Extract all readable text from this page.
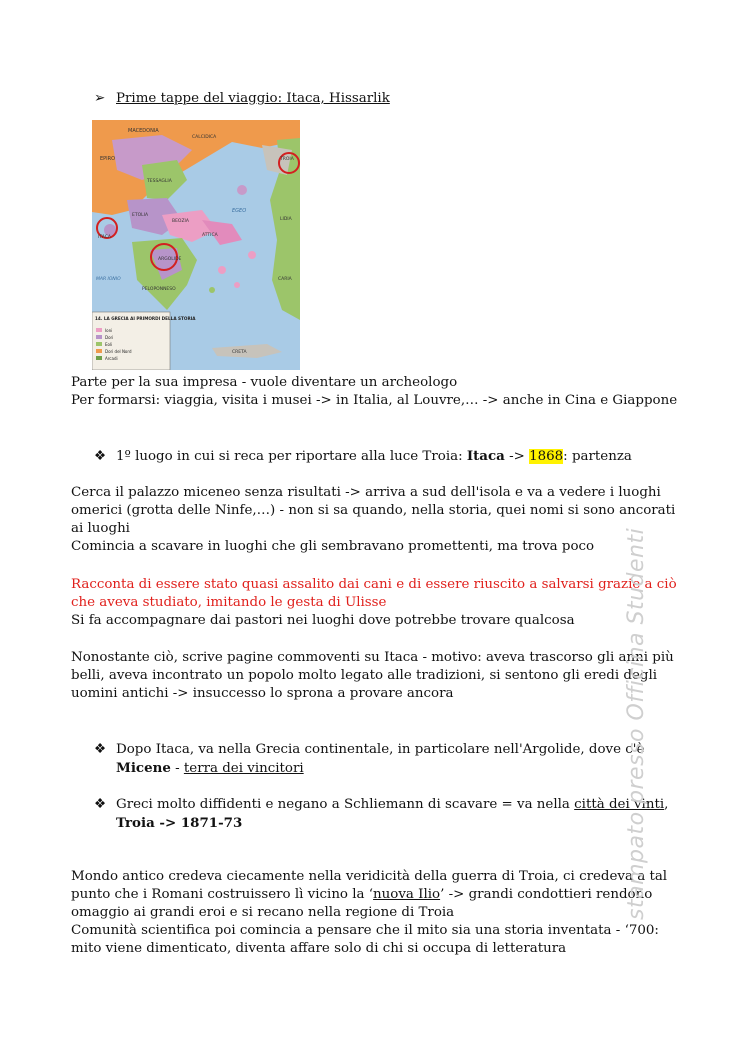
➢ Prime tappe del viaggio: Itaca, Hissarlik
EPIRO
MACEDONIA
CALCIDICA
TESSAGLIA
ETOLIA
BEOZIA
ATTICA
ARGOLIDE
PELOPONNESO
EGEO
MAR IONIO
CRETA
TROIA
ITACA
LIDIA
CARIA
14. LA GRECIA AI PRIMORDI DELLA STORIA
Ioni
Dori
Eoli
Dori del Nord
Arcadi
Parte per la sua impresa - vuole diventare un archeologo
Per formarsi: viaggia, visita i musei -> in Italia, al Louvre,… -> anche in Cina e Giappone
❖ 1º luogo in cui si reca per riportare alla luce Troia: Itaca -> 1868: partenza
Cerca il palazzo miceneo senza risultati -> arriva a sud dell'isola e va a vedere i luoghi
omerici (grotta delle Ninfe,…) - non si sa quando, nella storia, quei nomi si sono ancorati
ai luoghi
Comincia a scavare in luoghi che gli sembravano promettenti, ma trova poco
Racconta di essere stato quasi assalito dai cani e di essere riuscito a salvarsi grazie a ciò
che aveva studiato, imitando le gesta di Ulisse
Si fa accompagnare dai pastori nei luoghi dove potrebbe trovare qualcosa
Nonostante ciò, scrive pagine commoventi su Itaca - motivo: aveva trascorso gli anni più
belli, aveva incontrato un popolo molto legato alle tradizioni, si sentono gli eredi degli
uomini antichi -> insuccesso lo sprona a provare ancora
❖ Dopo Itaca, va nella Grecia continentale, in particolare nell'Argolide, dove c'è
Micene - terra dei vincitori
❖ Greci molto diffidenti e negano a Schliemann di scavare = va nella città dei vinti,
Troia -> 1871-73
Mondo antico credeva ciecamente nella veridicità della guerra di Troia, ci credeva a tal
punto che i Romani costruissero lì vicino la ‘nuova Ilio’ -> grandi condottieri rendono
omaggio ai grandi eroi e si recano nella regione di Troia
Comunità scientifica poi comincia a pensare che il mito sia una storia inventata - ‘700:
mito viene dimenticato, diventa affare solo di chi si occupa di letteratura
stampato presso Officina Studenti
